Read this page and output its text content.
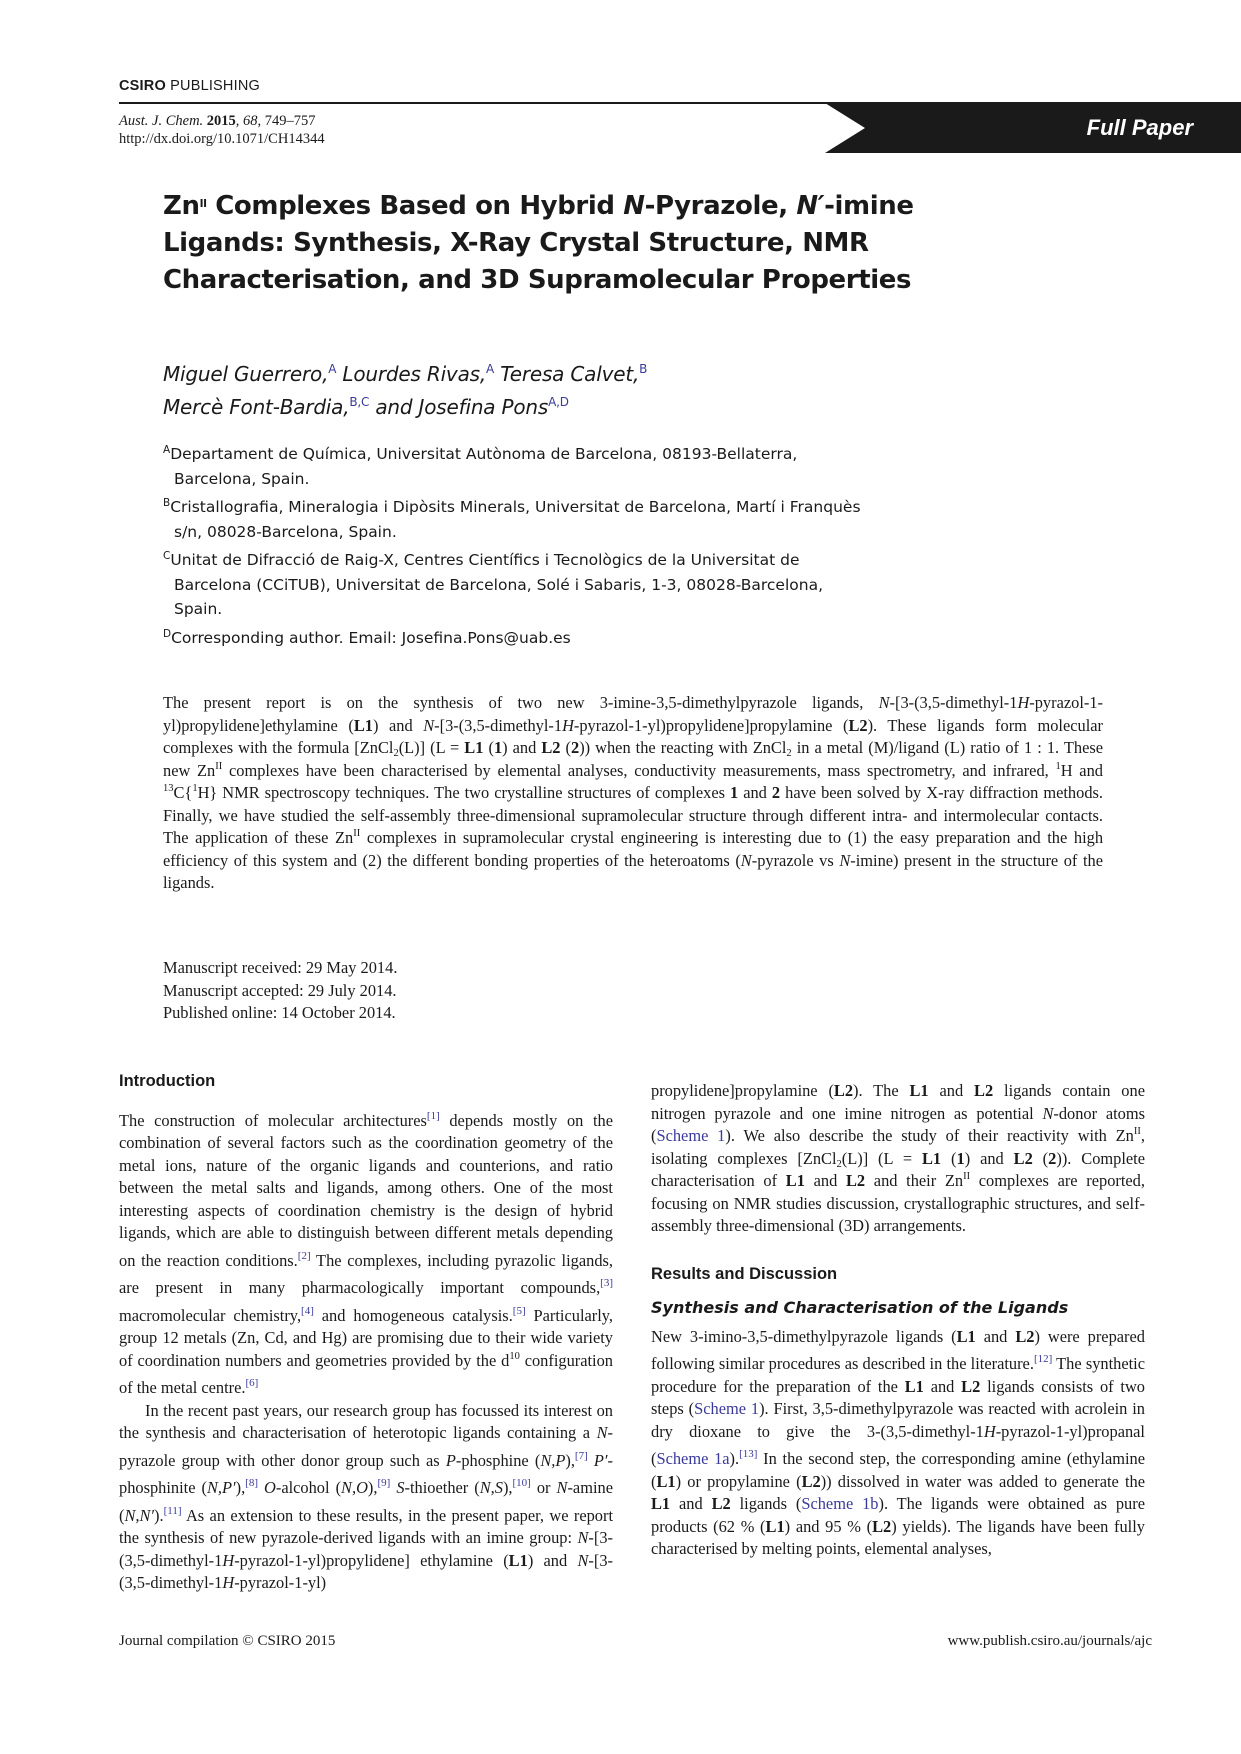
CSIRO PUBLISHING
Aust. J. Chem. 2015, 68, 749–757
http://dx.doi.org/10.1071/CH14344	Full Paper
$Zn^{II}$ Complexes Based on Hybrid N-Pyrazole, N′-imine Ligands: Synthesis, X-Ray Crystal Structure, NMR Characterisation, and 3D Supramolecular Properties
Miguel Guerrero,$^A$ Lourdes Rivas,$^A$ Teresa Calvet,$^B$
Mercè Font-Bardia,$^{B,C}$ and Josefina Pons$^{A,D}$
$^A$Departament de Química, Universitat Autònoma de Barcelona, 08193-Bellaterra, Barcelona, Spain.
$^B$Cristallografia, Mineralogia i Dipòsits Minerals, Universitat de Barcelona, Martí i Franquès s/n, 08028-Barcelona, Spain.
$^C$Unitat de Difracció de Raig-X, Centres Científics i Tecnològics de la Universitat de Barcelona (CCiTUB), Universitat de Barcelona, Solé i Sabaris, 1-3, 08028-Barcelona, Spain.
$^D$Corresponding author. Email: Josefina.Pons@uab.es

The present report is on the synthesis of two new 3-imine-3,5-dimethylpyrazole ligands, N-[3-(3,5-dimethyl-1H-pyrazol-1-yl)propylidene]ethylamine (L1) and N-[3-(3,5-dimethyl-1H-pyrazol-1-yl)propylidene]propylamine (L2). These ligands form molecular complexes with the formula [ZnCl$_2$(L)] (L = L1 (1) and L2 (2)) when the reacting with ZnCl$_2$ in a metal (M)/ligand (L) ratio of 1 : 1. These new $Zn^{II}$ complexes have been characterised by elemental analyses, conductivity measurements, mass spectrometry, and infrared, $^1$H and $^{13}$C{$^1$H} NMR spectroscopy techniques. The two crystalline structures of complexes 1 and 2 have been solved by X-ray diffraction methods. Finally, we have studied the self-assembly three-dimensional supramolecular structure through different intra- and intermolecular contacts. The application of these $Zn^{II}$ complexes in supramolecular crystal engineering is interesting due to (1) the easy preparation and the high efficiency of this system and (2) the different bonding properties of the heteroatoms (N-pyrazole vs N-imine) present in the structure of the ligands.

Manuscript received: 29 May 2014.
Manuscript accepted: 29 July 2014.
Published online: 14 October 2014.
Introduction

The construction of molecular architectures[1] depends mostly on the combination of several factors such as the coordination geometry of the metal ions, nature of the organic ligands and counterions, and ratio between the metal salts and ligands, among others. One of the most interesting aspects of coordination chemistry is the design of hybrid ligands, which are able to distinguish between different metals depending on the reaction conditions.[2] The complexes, including pyrazolic ligands, are present in many pharmacologically important compounds,[3] macromolecular chemistry,[4] and homogeneous catalysis.[5] Particularly, group 12 metals (Zn, Cd, and Hg) are promising due to their wide variety of coordination numbers and geometries provided by the $d^{10}$ configuration of the metal centre.[6]

In the recent past years, our research group has focussed its interest on the synthesis and characterisation of heterotopic ligands containing a N-pyrazole group with other donor group such as P-phosphine (N,P),[7] P′-phosphinite (N,P′),[8] O-alcohol (N,O),[9] S-thioether (N,S),[10] or N-amine (N,N′).[11] As an extension to these results, in the present paper, we report the synthesis of new pyrazole-derived ligands with an imine group: N-[3-(3,5-dimethyl-1H-pyrazol-1-yl)propylidene] ethylamine (L1) and N-[3-(3,5-dimethyl-1H-pyrazol-1-yl)

propylidene]propylamine (L2). The L1 and L2 ligands contain one nitrogen pyrazole and one imine nitrogen as potential N-donor atoms (Scheme 1). We also describe the study of their reactivity with $Zn^{II}$, isolating complexes [ZnCl$_2$(L)] (L = L1 (1) and L2 (2)). Complete characterisation of L1 and L2 and their $Zn^{II}$ complexes are reported, focusing on NMR studies discussion, crystallographic structures, and self-assembly three-dimensional (3D) arrangements.

Results and Discussion
Synthesis and Characterisation of the Ligands

New 3-imino-3,5-dimethylpyrazole ligands (L1 and L2) were prepared following similar procedures as described in the literature.[12] The synthetic procedure for the preparation of the L1 and L2 ligands consists of two steps (Scheme 1). First, 3,5-dimethylpyrazole was reacted with acrolein in dry dioxane to give the 3-(3,5-dimethyl-1H-pyrazol-1-yl)propanal (Scheme 1a).[13] In the second step, the corresponding amine (ethylamine (L1) or propylamine (L2)) dissolved in water was added to generate the L1 and L2 ligands (Scheme 1b). The ligands were obtained as pure products (62 % (L1) and 95 % (L2) yields). The ligands have been fully characterised by melting points, elemental analyses,

Journal compilation © CSIRO 2015	www.publish.csiro.au/journals/ajc
